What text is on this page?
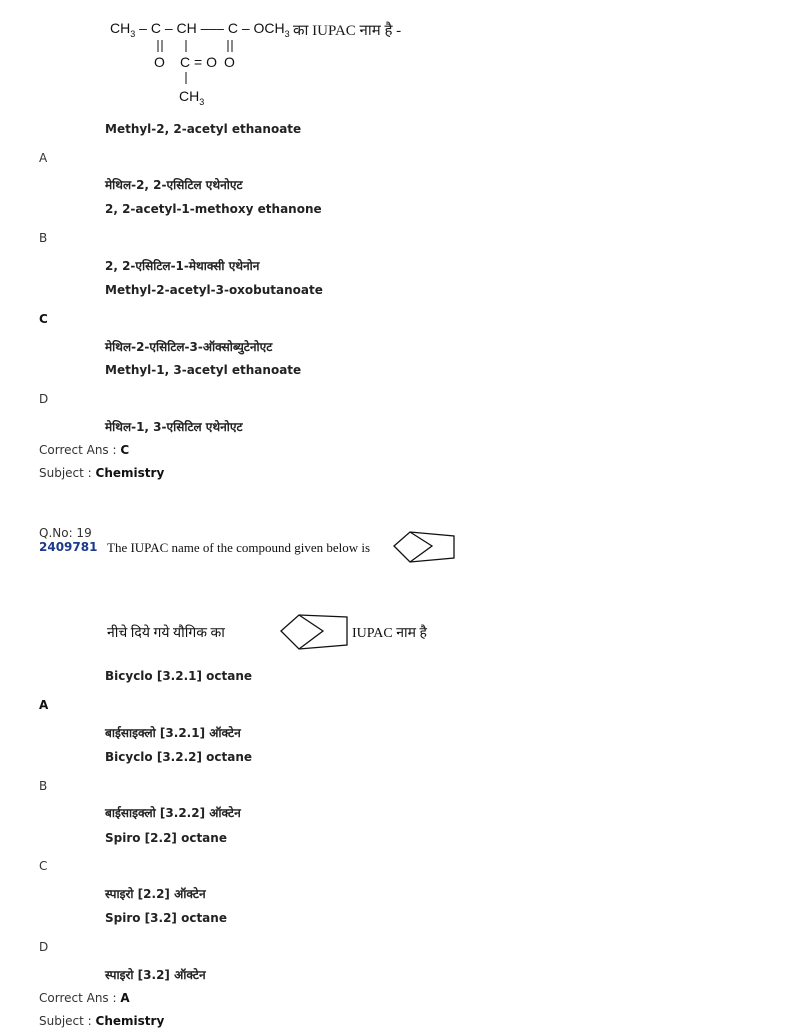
$CH_3$ – C – CH ––– C – $OCH_3$ का IUPAC नाम है -
O C = O O
$CH_3$
Methyl-2, 2-acetyl ethanoate
A
मेथिल-2, 2-एसिटिल एथेनोएट
2, 2-acetyl-1-methoxy ethanone
B
2, 2-एसिटिल-1-मेथाक्सी एथेनोन
Methyl-2-acetyl-3-oxobutanoate
C
मेथिल-2-एसिटिल-3-ऑक्सोब्युटेनोएट
Methyl-1, 3-acetyl ethanoate
D
मेथिल-1, 3-एसिटिल एथेनोएट
Correct Ans : C
Subject : Chemistry
Q.No: 19
2409781 The IUPAC name of the compound given below is
नीचे दिये गये यौगिक का	IUPAC नाम है
Bicyclo [3.2.1] octane
A
बाईसाइक्लो [3.2.1] ऑक्टेन
Bicyclo [3.2.2] octane
B
बाईसाइक्लो [3.2.2] ऑक्टेन
Spiro [2.2] octane
C
स्पाइरो [2.2] ऑक्टेन
Spiro [3.2] octane
D
स्पाइरो [3.2] ऑक्टेन
Correct Ans : A
Subject : Chemistry
